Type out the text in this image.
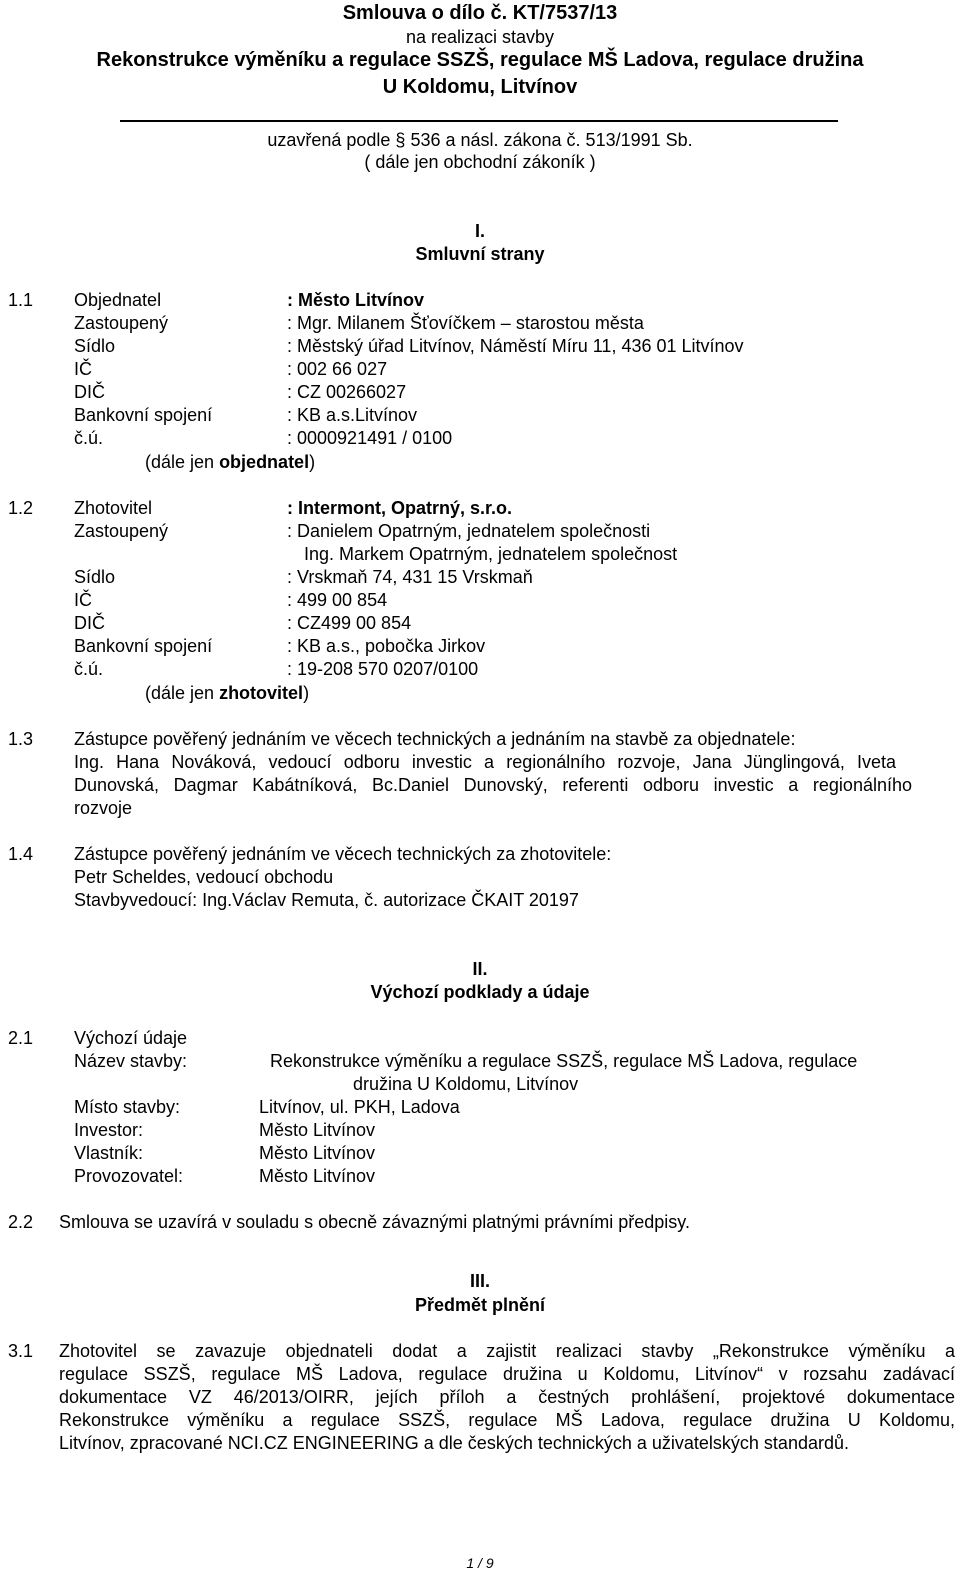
Smlouva o dílo č. KT/7537/13
na realizaci stavby
Rekonstrukce výměníku a regulace SSZŠ, regulace MŠ Ladova, regulace družina
U Koldomu, Litvínov
uzavřená podle § 536 a násl. zákona č. 513/1991 Sb.
( dále jen obchodní zákoník )
I.
Smluvní strany
1.1 Objednatel	: Město Litvínov
Zastoupený	: Mgr. Milanem Šťovíčkem – starostou města
Sídlo	: Městský úřad Litvínov, Náměstí Míru 11, 436 01 Litvínov
IČ	: 002 66 027
DIČ	: CZ 00266027
Bankovní spojení	: KB a.s.Litvínov
č.ú.	: 0000921491 / 0100
(dále jen objednatel)
1.2 Zhotovitel	: Intermont, Opatrný, s.r.o.
Zastoupený	: Danielem Opatrným, jednatelem společnosti
Ing. Markem Opatrným, jednatelem společnost
Sídlo	: Vrskmaň 74, 431 15 Vrskmaň
IČ	: 499 00 854
DIČ	: CZ499 00 854
Bankovní spojení	: KB a.s., pobočka Jirkov
č.ú.	: 19-208 570 0207/0100
(dále jen zhotovitel)
1.3 Zástupce pověřený jednáním ve věcech technických a jednáním na stavbě za objednatele:
Ing. Hana Nováková, vedoucí odboru investic a regionálního rozvoje, Jana Jünglingová, Iveta
Dunovská, Dagmar Kabátníková, Bc.Daniel Dunovský, referenti odboru investic a regionálního
rozvoje
1.4 Zástupce pověřený jednáním ve věcech technických za zhotovitele:
Petr Scheldes, vedoucí obchodu
Stavbyvedoucí: Ing.Václav Remuta, č. autorizace ČKAIT 20197
II.
Výchozí podklady a údaje
2.1 Výchozí údaje
Název stavby:	Rekonstrukce výměníku a regulace SSZŠ, regulace MŠ Ladova, regulace
družina U Koldomu, Litvínov
Místo stavby:	Litvínov, ul. PKH, Ladova
Investor:	Město Litvínov
Vlastník:	Město Litvínov
Provozovatel:	Město Litvínov
2.2 Smlouva se uzavírá v souladu s obecně závaznými platnými právními předpisy.
III.
Předmět plnění
3.1 Zhotovitel se zavazuje objednateli dodat a zajistit realizaci stavby „Rekonstrukce výměníku a
regulace SSZŠ, regulace MŠ Ladova, regulace družina u Koldomu, Litvínov“ v rozsahu zadávací
dokumentace VZ 46/2013/OIRR, jejích příloh a čestných prohlášení, projektové dokumentace
Rekonstrukce výměníku a regulace SSZŠ, regulace MŠ Ladova, regulace družina U Koldomu,
Litvínov, zpracované NCI.CZ ENGINEERING a dle českých technických a uživatelských standardů.
1 / 9
